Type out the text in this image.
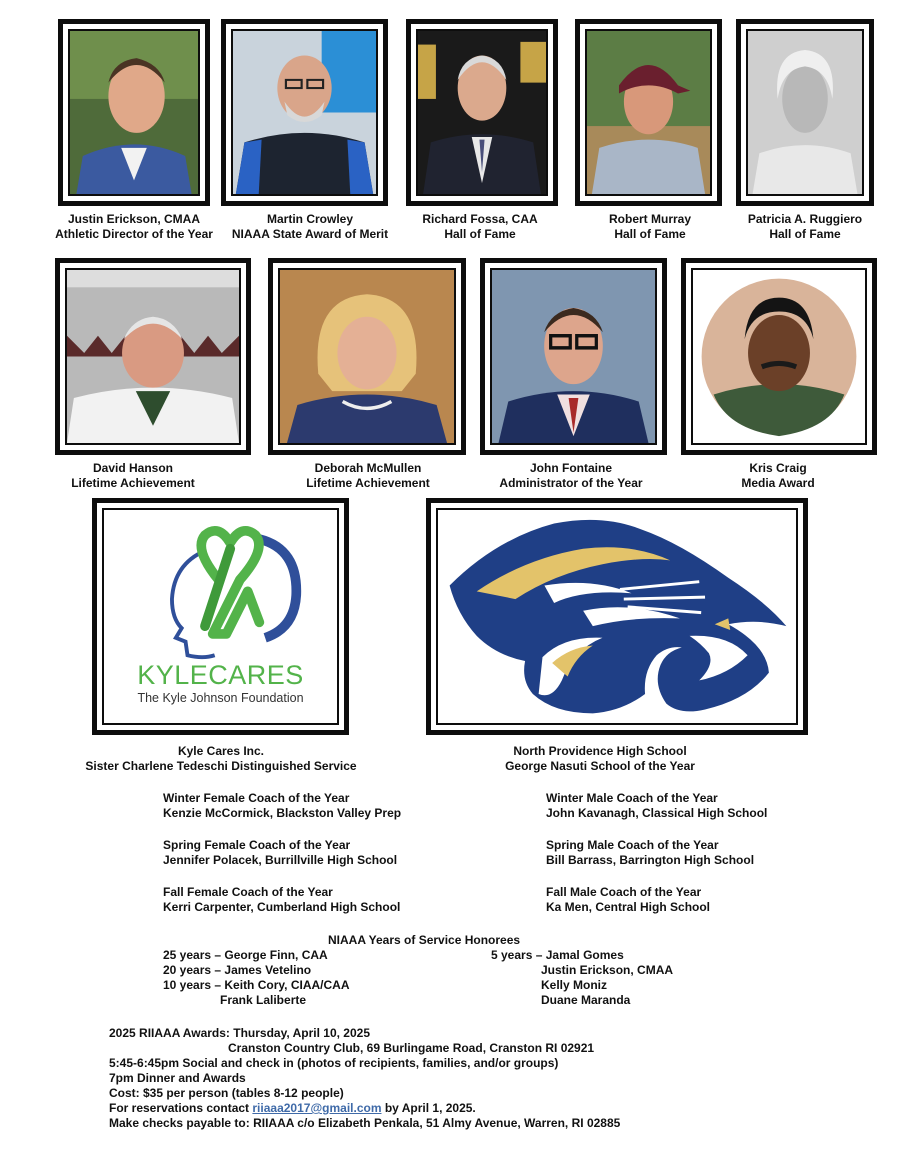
Justin Erickson, CMAA
Athletic Director of the Year
Martin Crowley
NIAAA State Award of Merit
Richard Fossa, CAA
Hall of Fame
Robert Murray
Hall of Fame
Patricia A. Ruggiero
Hall of Fame
David Hanson
Lifetime Achievement
Deborah McMullen
Lifetime Achievement
John Fontaine
Administrator of the Year
Kris Craig
Media Award
KYLECARES
The Kyle Johnson Foundation
Kyle Cares Inc.
Sister Charlene Tedeschi Distinguished Service
North Providence High School
George Nasuti School of the Year
Winter Female Coach of the Year
Kenzie McCormick, Blackston Valley Prep
Winter Male Coach of the Year
John Kavanagh, Classical High School
Spring Female Coach of the Year
Jennifer Polacek, Burrillville High School
Spring Male Coach of the Year
Bill Barrass, Barrington High School
Fall Female Coach of the Year
Kerri Carpenter, Cumberland High School
Fall Male Coach of the Year
Ka Men, Central High School
NIAAA Years of Service Honorees
25 years – George Finn, CAA
20 years – James Vetelino
10 years – Keith Cory, CIAA/CAA
Frank Laliberte
5 years – Jamal Gomes
Justin Erickson, CMAA
Kelly Moniz
Duane Maranda
2025 RIIAAA Awards: Thursday, April 10, 2025
Cranston Country Club, 69 Burlingame Road, Cranston RI 02921
5:45-6:45pm Social and check in (photos of recipients, families, and/or groups)
7pm Dinner and Awards
Cost: $35 per person (tables 8-12 people)
For reservations contact riiaaa2017@gmail.com by April 1, 2025.
Make checks payable to: RIIAAA c/o Elizabeth Penkala, 51 Almy Avenue, Warren, RI 02885
